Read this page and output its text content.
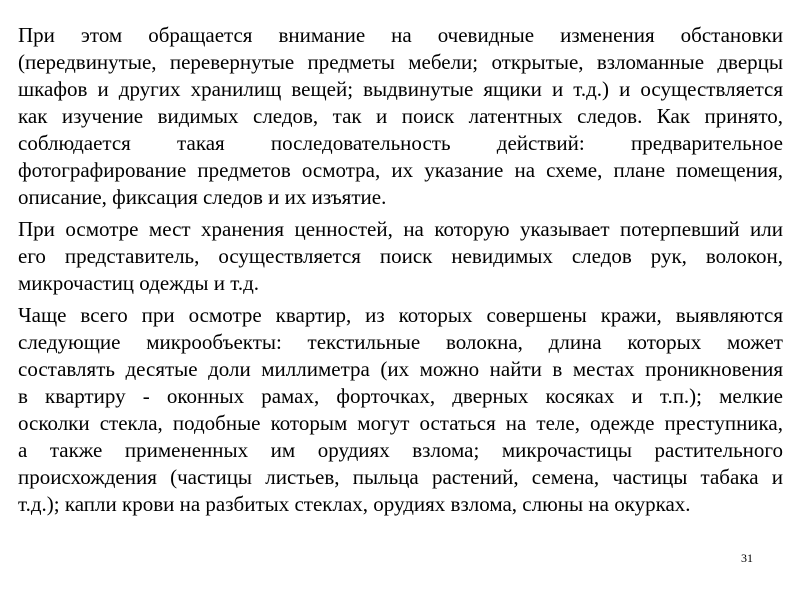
При этом обращается внимание на очевидные изменения обстановки
(передвинутые, перевернутые предметы мебели; открытые, взломанные дверцы
шкафов и других хранилищ вещей; выдвинутые ящики и т.д.) и осуществляется
как изучение видимых следов, так и поиск латентных следов. Как принято,
соблюдается такая последовательность действий: предварительное
фотографирование предметов осмотра, их указание на схеме, плане помещения,
описание, фиксация следов и их изъятие.
При осмотре мест хранения ценностей, на которую указывает потерпевший или
его представитель, осуществляется поиск невидимых следов рук, волокон,
микрочастиц одежды и т.д.
Чаще всего при осмотре квартир, из которых совершены кражи, выявляются
следующие микрообъекты: текстильные волокна, длина которых может
составлять десятые доли миллиметра (их можно найти в местах проникновения
в квартиру - оконных рамах, форточках, дверных косяках и т.п.); мелкие
осколки стекла, подобные которым могут остаться на теле, одежде преступника,
а также примененных им орудиях взлома; микрочастицы растительного
происхождения (частицы листьев, пыльца растений, семена, частицы табака и
т.д.); капли крови на разбитых стеклах, орудиях взлома, слюны на окурках.
31
